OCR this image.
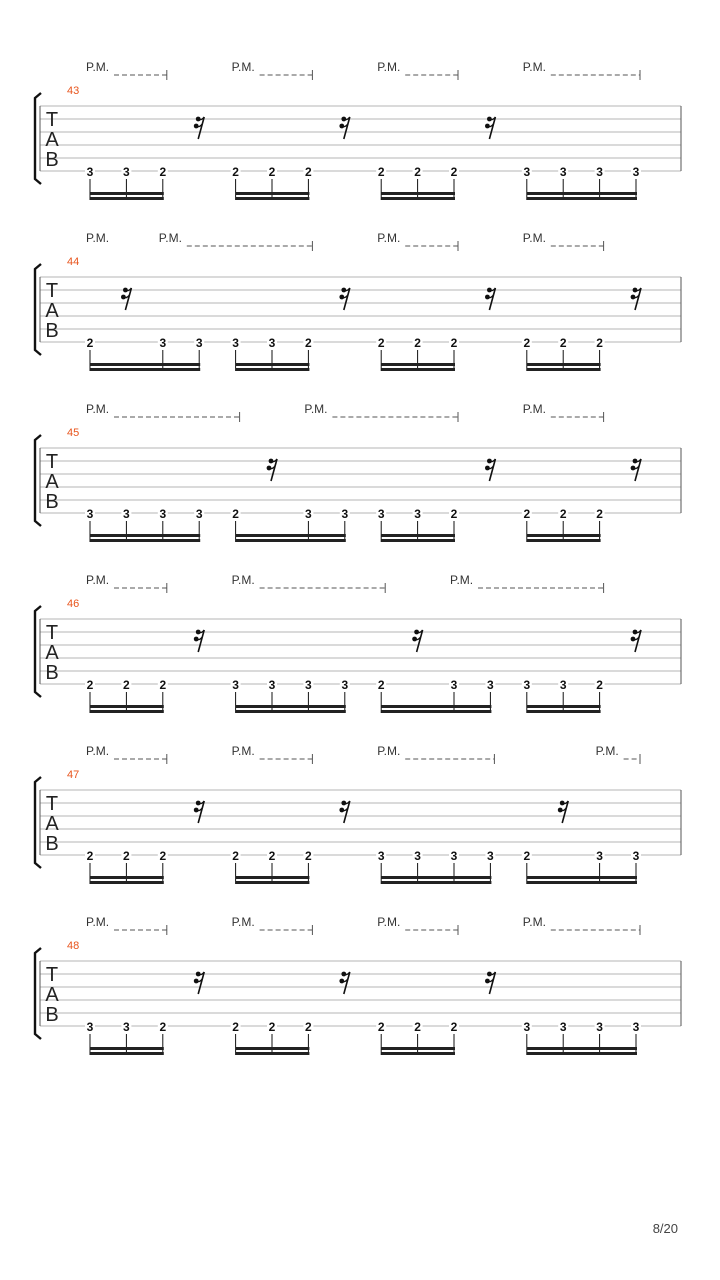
T
A
B
43
P.M.	P.M.	P.M.	P.M.
3 3 2	2 2 2	2 2 2	3 3 3 3
T
A
B
44
P.M.	P.M.	P.M.	P.M.
2	3 3 3 3 2	2 2 2	2 2 2
T
A
B
45
P.M.	P.M.	P.M.
3 3 3 3 2	3 3 3 3 2	2 2 2
T
A
B
46
P.M.	P.M.	P.M.
2 2 2	3 3 3 3 2	3 3 3 3 2
T
A
B
47
P.M.	P.M.	P.M.	P.M.
2 2 2	2 2 2	3 3 3 3 2	3 3
T
A
B
48
P.M.	P.M.	P.M.	P.M.
3 3 2	2 2 2	2 2 2	3 3 3 3
8/20
